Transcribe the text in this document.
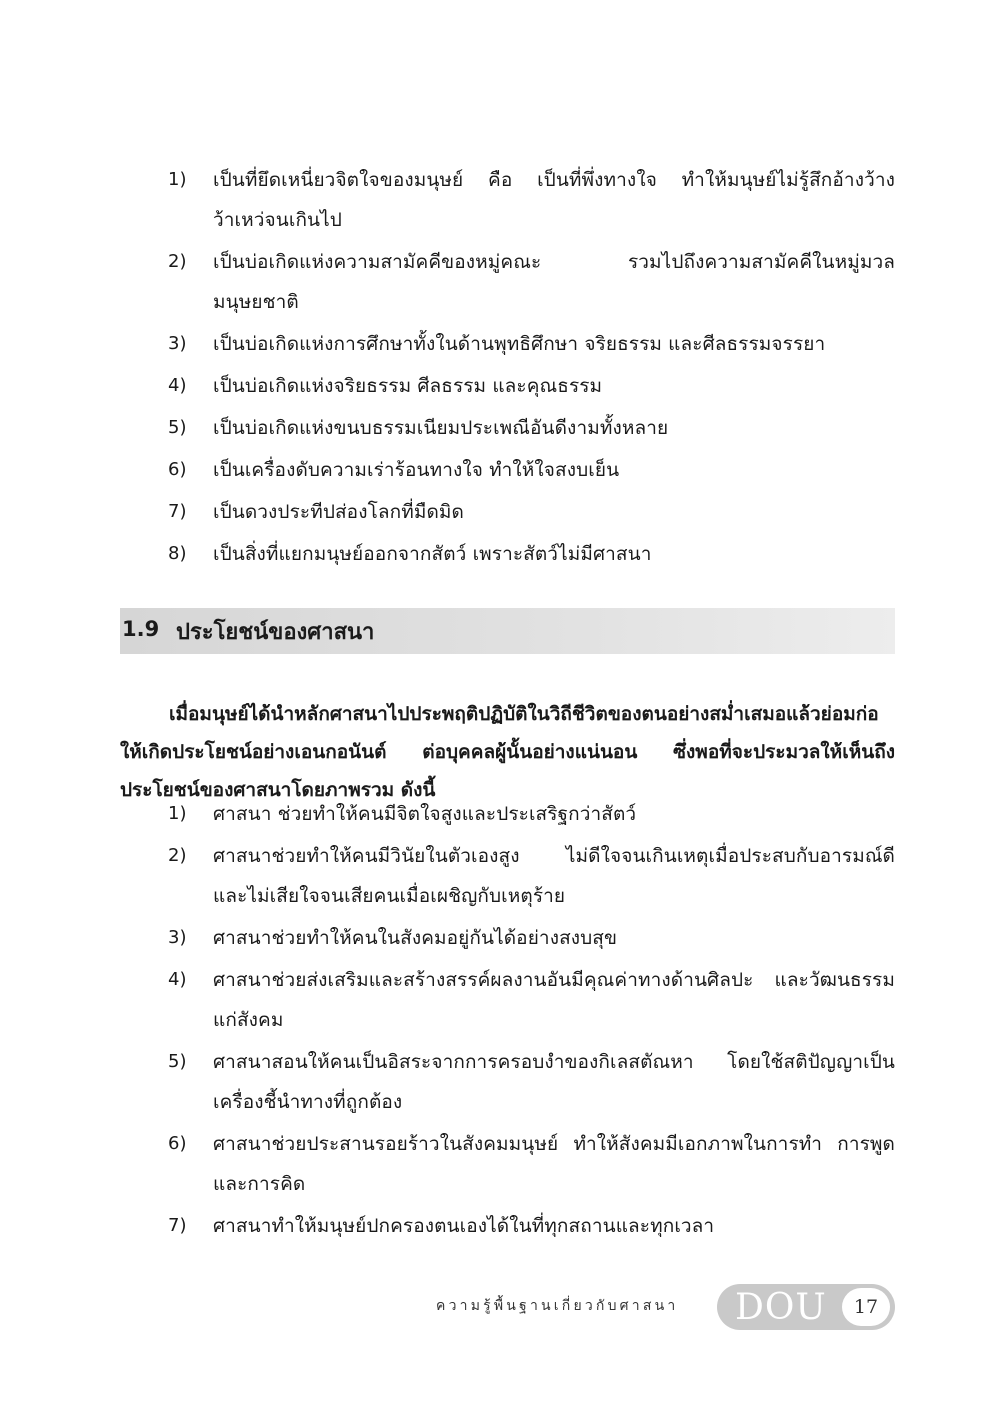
1)	เป็นที่ยึดเหนี่ยวจิตใจของมนุษย์ คือ เป็นที่พึ่งทางใจ ทำให้มนุษย์ไม่รู้สึกอ้างว้าง ว้าเหว่จนเกินไป
2)	เป็นบ่อเกิดแห่งความสามัคคีของหมู่คณะ รวมไปถึงความสามัคคีในหมู่มวลมนุษยชาติ
3)	เป็นบ่อเกิดแห่งการศึกษาทั้งในด้านพุทธิศึกษา จริยธรรม และศีลธรรมจรรยา
4)	เป็นบ่อเกิดแห่งจริยธรรม ศีลธรรม และคุณธรรม
5)	เป็นบ่อเกิดแห่งขนบธรรมเนียมประเพณีอันดีงามทั้งหลาย
6)	เป็นเครื่องดับความเร่าร้อนทางใจ ทำให้ใจสงบเย็น
7)	เป็นดวงประทีปส่องโลกที่มืดมิด
8)	เป็นสิ่งที่แยกมนุษย์ออกจากสัตว์ เพราะสัตว์ไม่มีศาสนา
1.9 ประโยชน์ของศาสนา

เมื่อมนุษย์ได้นำหลักศาสนาไปประพฤติปฏิบัติในวิถีชีวิตของตนอย่างสม่ำเสมอแล้วย่อมก่อให้เกิดประโยชน์อย่างเอนกอนันต์ ต่อบุคคลผู้นั้นอย่างแน่นอน ซึ่งพอที่จะประมวลให้เห็นถึงประโยชน์ของศาสนาโดยภาพรวม ดังนี้

1)	ศาสนา ช่วยทำให้คนมีจิตใจสูงและประเสริฐกว่าสัตว์
2)	ศาสนาช่วยทำให้คนมีวินัยในตัวเองสูง ไม่ดีใจจนเกินเหตุเมื่อประสบกับอารมณ์ดี และไม่เสียใจจนเสียคนเมื่อเผชิญกับเหตุร้าย
3)	ศาสนาช่วยทำให้คนในสังคมอยู่กันได้อย่างสงบสุข
4)	ศาสนาช่วยส่งเสริมและสร้างสรรค์ผลงานอันมีคุณค่าทางด้านศิลปะ และวัฒนธรรมแก่สังคม
5)	ศาสนาสอนให้คนเป็นอิสระจากการครอบงำของกิเลสตัณหา โดยใช้สติปัญญาเป็นเครื่องชี้นำทางที่ถูกต้อง
6)	ศาสนาช่วยประสานรอยร้าวในสังคมมนุษย์ ทำให้สังคมมีเอกภาพในการทำ การพูดและการคิด
7)	ศาสนาทำให้มนุษย์ปกครองตนเองได้ในที่ทุกสถานและทุกเวลา
ความรู้พื้นฐานเกี่ยวกับศาสนา DOU	17
